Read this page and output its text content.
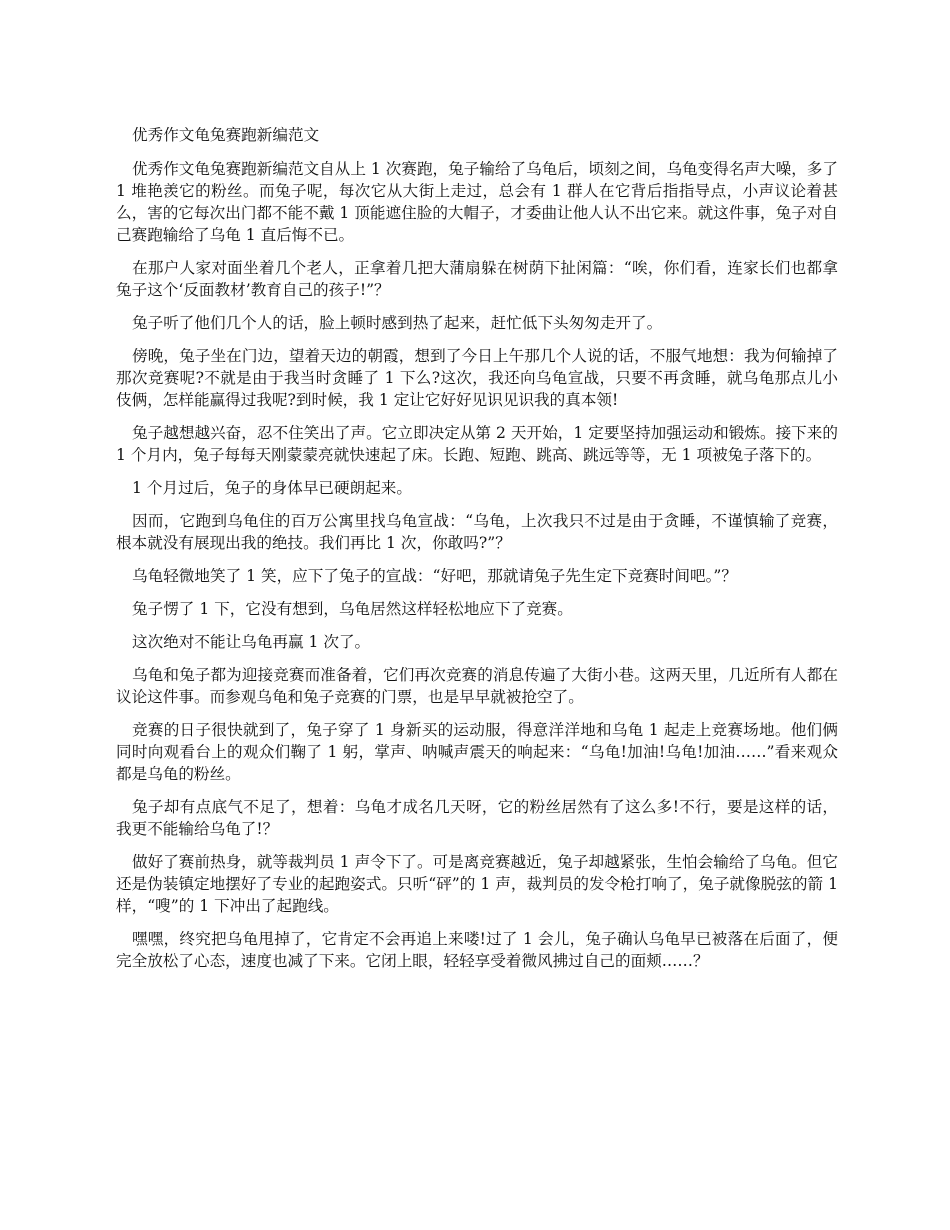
优秀作文龟兔赛跑新编范文

优秀作文龟兔赛跑新编范文自从上 1 次赛跑，兔子输给了乌龟后，顷刻之间，乌龟变得名声大噪，多了 1 堆艳羡它的粉丝。而兔子呢，每次它从大街上走过，总会有 1 群人在它背后指指导点，小声议论着甚么，害的它每次出门都不能不戴 1 顶能遮住脸的大帽子，才委曲让他人认不出它来。就这件事，兔子对自己赛跑输给了乌龟 1 直后悔不已。

在那户人家对面坐着几个老人，正拿着几把大蒲扇躲在树荫下扯闲篇：“唉，你们看，连家长们也都拿兔子这个‘反面教材’教育自己的孩子!”？

兔子听了他们几个人的话，脸上顿时感到热了起来，赶忙低下头匆匆走开了。

傍晚，兔子坐在门边，望着天边的朝霞，想到了今日上午那几个人说的话，不服气地想：我为何输掉了那次竞赛呢?不就是由于我当时贪睡了 1 下么?这次，我还向乌龟宣战，只要不再贪睡，就乌龟那点儿小伎俩，怎样能赢得过我呢?到时候，我 1 定让它好好见识见识我的真本领!

兔子越想越兴奋，忍不住笑出了声。它立即决定从第 2 天开始，1 定要坚持加强运动和锻炼。接下来的 1 个月内，兔子每每天刚蒙蒙亮就快速起了床。长跑、短跑、跳高、跳远等等，无 1 项被兔子落下的。

1 个月过后，兔子的身体早已硬朗起来。

因而，它跑到乌龟住的百万公寓里找乌龟宣战：“乌龟，上次我只不过是由于贪睡，不谨慎输了竞赛，根本就没有展现出我的绝技。我们再比 1 次，你敢吗?”？

乌龟轻微地笑了 1 笑，应下了兔子的宣战：“好吧，那就请兔子先生定下竞赛时间吧。”？

兔子愣了 1 下，它没有想到，乌龟居然这样轻松地应下了竞赛。

这次绝对不能让乌龟再赢 1 次了。

乌龟和兔子都为迎接竞赛而准备着，它们再次竞赛的消息传遍了大街小巷。这两天里，几近所有人都在议论这件事。而参观乌龟和兔子竞赛的门票，也是早早就被抢空了。

竞赛的日子很快就到了，兔子穿了 1 身新买的运动服，得意洋洋地和乌龟 1 起走上竞赛场地。他们俩同时向观看台上的观众们鞠了 1 躬，掌声、呐喊声震天的响起来：“乌龟!加油!乌龟!加油……”看来观众都是乌龟的粉丝。

兔子却有点底气不足了，想着：乌龟才成名几天呀，它的粉丝居然有了这么多!不行，要是这样的话，我更不能输给乌龟了!？

做好了赛前热身，就等裁判员 1 声令下了。可是离竞赛越近，兔子却越紧张，生怕会输给了乌龟。但它还是伪装镇定地摆好了专业的起跑姿式。只听“砰”的 1 声，裁判员的发令枪打响了，兔子就像脱弦的箭 1 样，“嗖”的 1 下冲出了起跑线。

嘿嘿，终究把乌龟甩掉了，它肯定不会再追上来喽!过了 1 会儿，兔子确认乌龟早已被落在后面了，便完全放松了心态，速度也减了下来。它闭上眼，轻轻享受着微风拂过自己的面颊……？
